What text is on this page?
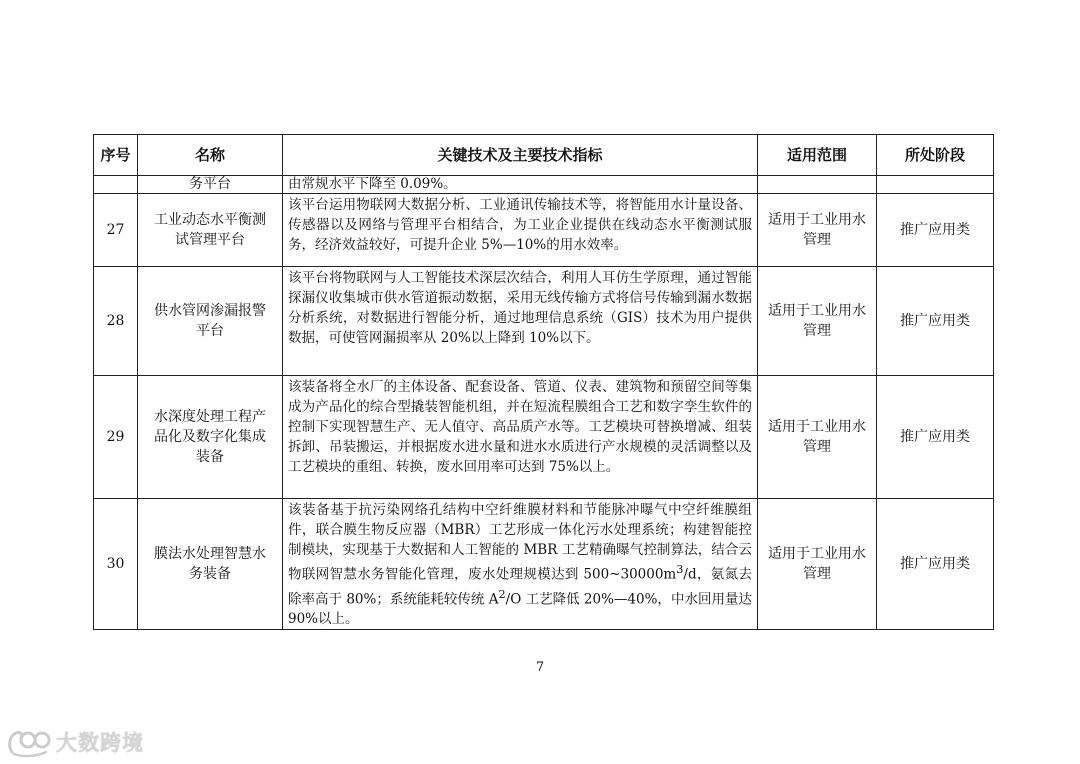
序号	名称	关键技术及主要技术指标	适用范围	所处阶段
	务平台	由常规水平下降至 0.09%。		
27	工业动态水平衡测试管理平台	该平台运用物联网大数据分析、工业通讯传输技术等，将智能用水计量设备、传感器以及网络与管理平台相结合，为工业企业提供在线动态水平衡测试服务，经济效益较好，可提升企业 5%—10%的用水效率。	适用于工业用水管理	推广应用类
28	供水管网渗漏报警平台	该平台将物联网与人工智能技术深层次结合，利用人耳仿生学原理，通过智能探漏仪收集城市供水管道振动数据，采用无线传输方式将信号传输到漏水数据分析系统，对数据进行智能分析，通过地理信息系统（GIS）技术为用户提供数据，可使管网漏损率从 20%以上降到 10%以下。	适用于工业用水管理	推广应用类
29	水深度处理工程产品化及数字化集成装备	该装备将全水厂的主体设备、配套设备、管道、仪表、建筑物和预留空间等集成为产品化的综合型撬装智能机组，并在短流程膜组合工艺和数字孪生软件的控制下实现智慧生产、无人值守、高品质产水等。工艺模块可替换增减、组装拆卸、吊装搬运，并根据废水进水量和进水水质进行产水规模的灵活调整以及工艺模块的重组、转换，废水回用率可达到 75%以上。	适用于工业用水管理	推广应用类
30	膜法水处理智慧水务装备	该装备基于抗污染网络孔结构中空纤维膜材料和节能脉冲曝气中空纤维膜组件，联合膜生物反应器（MBR）工艺形成一体化污水处理系统；构建智能控制模块，实现基于大数据和人工智能的 MBR 工艺精确曝气控制算法，结合云物联网智慧水务智能化管理，废水处理规模达到 $500\sim 30000m^3/d$，氨氮去除率高于 80%；系统能耗较传统 $A^2/O$ 工艺降低 20%—40%，中水回用量达 90%以上。	适用于工业用水管理	推广应用类
7
大数跨境
